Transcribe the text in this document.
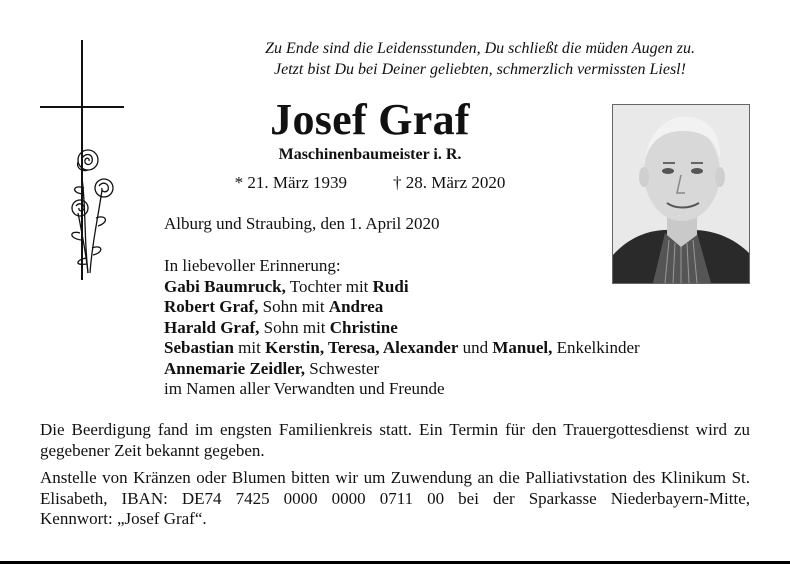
Zu Ende sind die Leidensstunden, Du schließt die müden Augen zu.
Jetzt bist Du bei Deiner geliebten, schmerzlich vermissten Liesl!
Josef Graf
Maschinenbaumeister i. R.
* 21. März 1939	† 28. März 2020
Alburg und Straubing, den 1. April 2020
In liebevoller Erinnerung:
Gabi Baumruck, Tochter mit Rudi
Robert Graf, Sohn mit Andrea
Harald Graf, Sohn mit Christine
Sebastian mit Kerstin, Teresa, Alexander und Manuel, Enkelkinder
Annemarie Zeidler, Schwester
im Namen aller Verwandten und Freunde
Die Beerdigung fand im engsten Familienkreis statt. Ein Termin für den Trauergottesdienst wird zu gegebener Zeit bekannt gegeben.
Anstelle von Kränzen oder Blumen bitten wir um Zuwendung an die Palliativstation des Klinikum St. Elisabeth, IBAN: DE74 7425 0000 0000 0711 00 bei der Sparkasse Niederbayern-Mitte, Kennwort: „Josef Graf“.
